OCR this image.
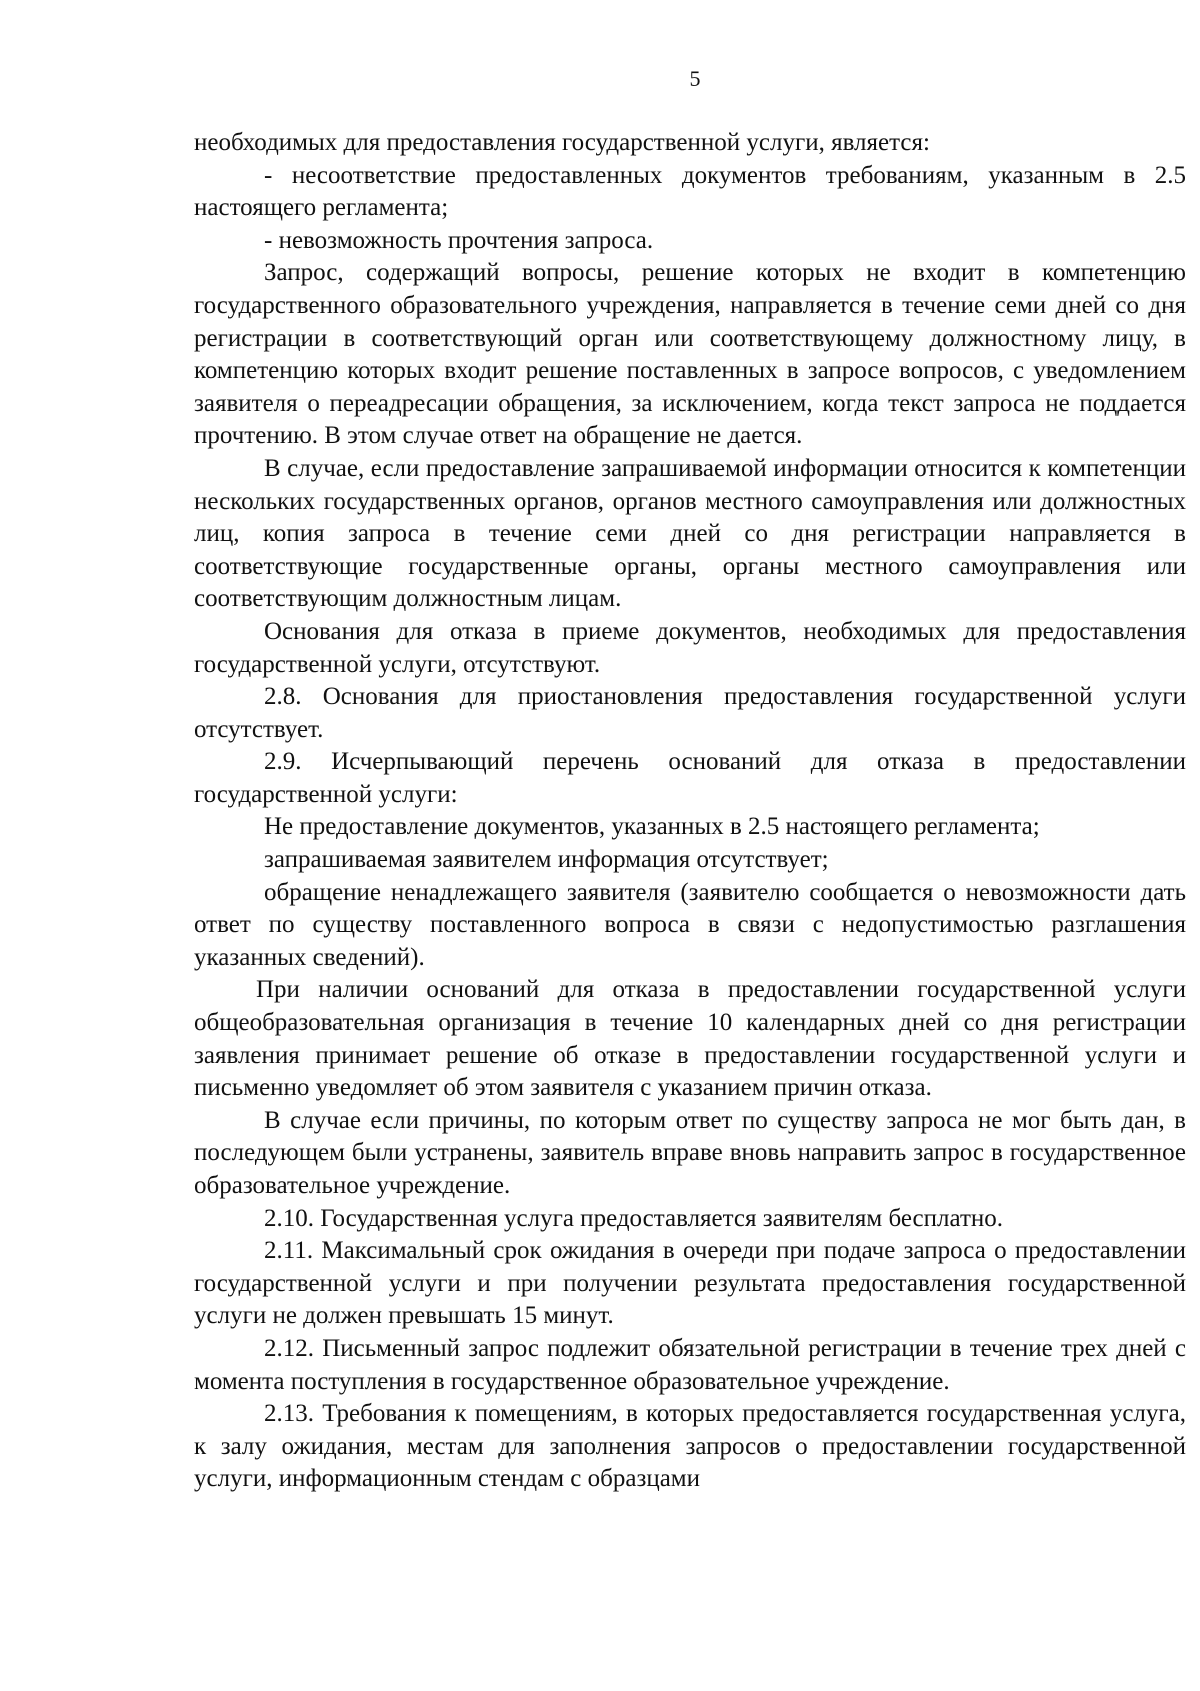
5

необходимых для предоставления государственной услуги, является:

- несоответствие предоставленных документов требованиям, указанным в 2.5 настоящего регламента;

- невозможность прочтения запроса.

Запрос, содержащий вопросы, решение которых не входит в компетенцию государственного образовательного учреждения, направляется в течение семи дней со дня регистрации в соответствующий орган или соответствующему должностному лицу, в компетенцию которых входит решение поставленных в запросе вопросов, с уведомлением заявителя о переадресации обращения, за исключением, когда текст запроса не поддается прочтению. В этом случае ответ на обращение не дается.

В случае, если предоставление запрашиваемой информации относится к компетенции нескольких государственных органов, органов местного самоуправления или должностных лиц, копия запроса в течение семи дней со дня регистрации направляется в соответствующие государственные органы, органы местного самоуправления или соответствующим должностным лицам.

Основания для отказа в приеме документов, необходимых для предоставления государственной услуги, отсутствуют.

2.8. Основания для приостановления предоставления государственной услуги отсутствует.

2.9. Исчерпывающий перечень оснований для отказа в предоставлении государственной услуги:

Не предоставление документов, указанных в 2.5 настоящего регламента;

запрашиваемая заявителем информация отсутствует;

обращение ненадлежащего заявителя (заявителю сообщается о невозможности дать ответ по существу поставленного вопроса в связи с недопустимостью разглашения указанных сведений).

При наличии оснований для отказа в предоставлении государственной услуги общеобразовательная организация в течение 10 календарных дней со дня регистрации заявления принимает решение об отказе в предоставлении государственной услуги и письменно уведомляет об этом заявителя с указанием причин отказа.

В случае если причины, по которым ответ по существу запроса не мог быть дан, в последующем были устранены, заявитель вправе вновь направить запрос в государственное образовательное учреждение.

2.10. Государственная услуга предоставляется заявителям бесплатно.

2.11. Максимальный срок ожидания в очереди при подаче запроса о предоставлении государственной услуги и при получении результата предоставления государственной услуги не должен превышать 15 минут.

2.12. Письменный запрос подлежит обязательной регистрации в течение трех дней с момента поступления в государственное образовательное учреждение.

2.13. Требования к помещениям, в которых предоставляется государственная услуга, к залу ожидания, местам для заполнения запросов о предоставлении государственной услуги, информационным стендам с образцами
